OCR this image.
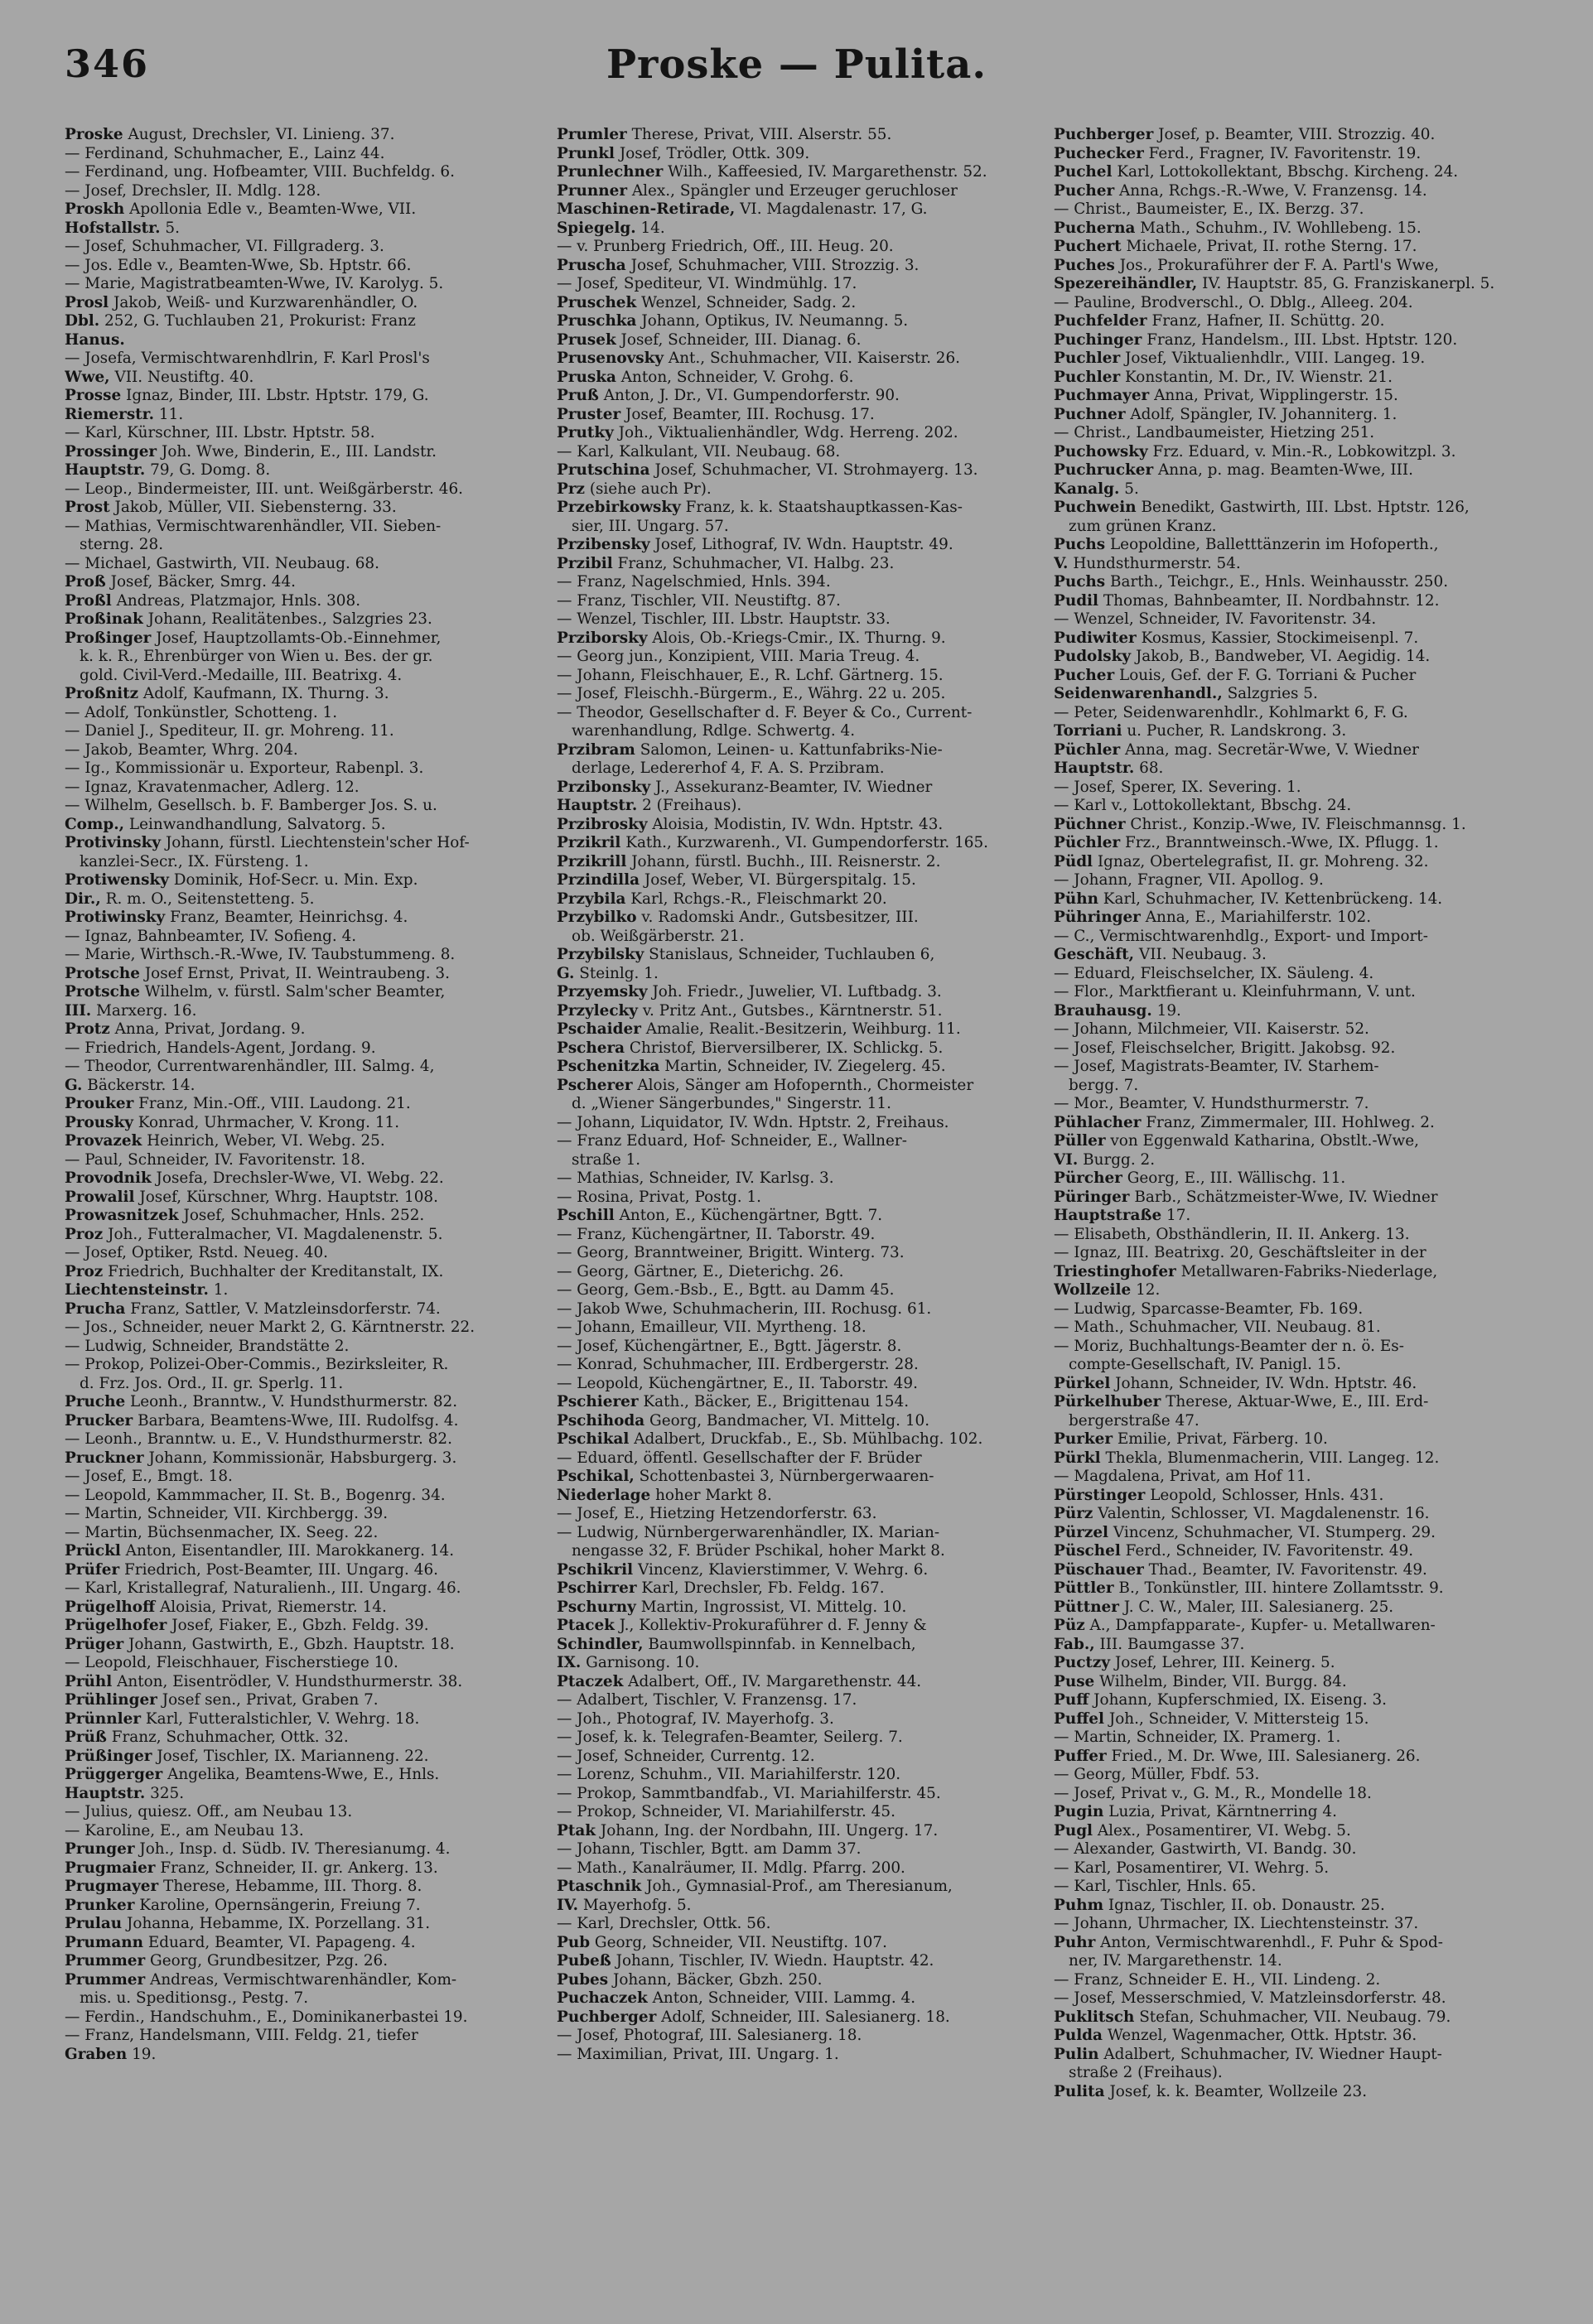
346	Proske — Pulita.
Proske August, Drechsler, VI. Linieng. 37.
— Ferdinand, Schuhmacher, E., Lainz 44.
— Ferdinand, ung. Hofbeamter, VIII. Buchfeldg. 6.
— Josef, Drechsler, II. Mdlg. 128.
Proskh Apollonia Edle v., Beamten-Wwe, VII.
Hofstallstr. 5.
— Josef, Schuhmacher, VI. Fillgraderg. 3.
— Jos. Edle v., Beamten-Wwe, Sb. Hptstr. 66.
— Marie, Magistratbeamten-Wwe, IV. Karolyg. 5.
Prosl Jakob, Weiß- und Kurzwarenhändler, O.
Dbl. 252, G. Tuchlauben 21, Prokurist: Franz
Hanus.
— Josefa, Vermischtwarenhdlrin, F. Karl Prosl's
Wwe, VII. Neustiftg. 40.
Prosse Ignaz, Binder, III. Lbstr. Hptstr. 179, G.
Riemerstr. 11.
— Karl, Kürschner, III. Lbstr. Hptstr. 58.
Prossinger Joh. Wwe, Binderin, E., III. Landstr.
Hauptstr. 79, G. Domg. 8.
— Leop., Bindermeister, III. unt. Weißgärberstr. 46.
Prost Jakob, Müller, VII. Siebensterng. 33.
— Mathias, Vermischtwarenhändler, VII. Sieben-
sterng. 28.
— Michael, Gastwirth, VII. Neubaug. 68.
Proß Josef, Bäcker, Smrg. 44.
Proßl Andreas, Platzmajor, Hnls. 308.
Proßinak Johann, Realitätenbes., Salzgries 23.
Proßinger Josef, Hauptzollamts-Ob.-Einnehmer,
k. k. R., Ehrenbürger von Wien u. Bes. der gr.
gold. Civil-Verd.-Medaille, III. Beatrixg. 4.
Proßnitz Adolf, Kaufmann, IX. Thurng. 3.
— Adolf, Tonkünstler, Schotteng. 1.
— Daniel J., Spediteur, II. gr. Mohreng. 11.
— Jakob, Beamter, Whrg. 204.
— Ig., Kommissionär u. Exporteur, Rabenpl. 3.
— Ignaz, Kravatenmacher, Adlerg. 12.
— Wilhelm, Gesellsch. b. F. Bamberger Jos. S. u.
Comp., Leinwandhandlung, Salvatorg. 5.
Protivinsky Johann, fürstl. Liechtenstein'scher Hof-
kanzlei-Secr., IX. Fürsteng. 1.
Protiwensky Dominik, Hof-Secr. u. Min. Exp.
Dir., R. m. O., Seitenstetteng. 5.
Protiwinsky Franz, Beamter, Heinrichsg. 4.
— Ignaz, Bahnbeamter, IV. Sofieng. 4.
— Marie, Wirthsch.-R.-Wwe, IV. Taubstummeng. 8.
Protsche Josef Ernst, Privat, II. Weintraubeng. 3.
Protsche Wilhelm, v. fürstl. Salm'scher Beamter,
III. Marxerg. 16.
Protz Anna, Privat, Jordang. 9.
— Friedrich, Handels-Agent, Jordang. 9.
— Theodor, Currentwarenhändler, III. Salmg. 4,
G. Bäckerstr. 14.
Prouker Franz, Min.-Off., VIII. Laudong. 21.
Prousky Konrad, Uhrmacher, V. Krong. 11.
Provazek Heinrich, Weber, VI. Webg. 25.
— Paul, Schneider, IV. Favoritenstr. 18.
Provodnik Josefa, Drechsler-Wwe, VI. Webg. 22.
Prowalil Josef, Kürschner, Whrg. Hauptstr. 108.
Prowasnitzek Josef, Schuhmacher, Hnls. 252.
Proz Joh., Futteralmacher, VI. Magdalenenstr. 5.
— Josef, Optiker, Rstd. Neueg. 40.
Proz Friedrich, Buchhalter der Kreditanstalt, IX.
Liechtensteinstr. 1.
Prucha Franz, Sattler, V. Matzleinsdorferstr. 74.
— Jos., Schneider, neuer Markt 2, G. Kärntnerstr. 22.
— Ludwig, Schneider, Brandstätte 2.
— Prokop, Polizei-Ober-Commis., Bezirksleiter, R.
d. Frz. Jos. Ord., II. gr. Sperlg. 11.
Pruche Leonh., Branntw., V. Hundsthurmerstr. 82.
Prucker Barbara, Beamtens-Wwe, III. Rudolfsg. 4.
— Leonh., Branntw. u. E., V. Hundsthurmerstr. 82.
Pruckner Johann, Kommissionär, Habsburgerg. 3.
— Josef, E., Bmgt. 18.
— Leopold, Kammmacher, II. St. B., Bogenrg. 34.
— Martin, Schneider, VII. Kirchbergg. 39.
— Martin, Büchsenmacher, IX. Seeg. 22.
Prückl Anton, Eisentandler, III. Marokkanerg. 14.
Prüfer Friedrich, Post-Beamter, III. Ungarg. 46.
— Karl, Kristallegraf, Naturalienh., III. Ungarg. 46.
Prügelhoff Aloisia, Privat, Riemerstr. 14.
Prügelhofer Josef, Fiaker, E., Gbzh. Feldg. 39.
Prüger Johann, Gastwirth, E., Gbzh. Hauptstr. 18.
— Leopold, Fleischhauer, Fischerstiege 10.
Prühl Anton, Eisentrödler, V. Hundsthurmerstr. 38.
Prühlinger Josef sen., Privat, Graben 7.
Prünnler Karl, Futteralstichler, V. Wehrg. 18.
Prüß Franz, Schuhmacher, Ottk. 32.
Prüßinger Josef, Tischler, IX. Marianneng. 22.
Prüggerger Angelika, Beamtens-Wwe, E., Hnls.
Hauptstr. 325.
— Julius, quiesz. Off., am Neubau 13.
— Karoline, E., am Neubau 13.
Prunger Joh., Insp. d. Südb. IV. Theresianumg. 4.
Prugmaier Franz, Schneider, II. gr. Ankerg. 13.
Prugmayer Therese, Hebamme, III. Thorg. 8.
Prunker Karoline, Opernsängerin, Freiung 7.
Prulau Johanna, Hebamme, IX. Porzellang. 31.
Prumann Eduard, Beamter, VI. Papageng. 4.
Prummer Georg, Grundbesitzer, Pzg. 26.
Prummer Andreas, Vermischtwarenhändler, Kom-
mis. u. Speditionsg., Pestg. 7.
— Ferdin., Handschuhm., E., Dominikanerbastei 19.
— Franz, Handelsmann, VIII. Feldg. 21, tiefer
Graben 19.
Prumler Therese, Privat, VIII. Alserstr. 55.
Prunkl Josef, Trödler, Ottk. 309.
Prunlechner Wilh., Kaffeesied, IV. Margarethenstr. 52.
Prunner Alex., Spängler und Erzeuger geruchloser
Maschinen-Retirade, VI. Magdalenastr. 17, G.
Spiegelg. 14.
— v. Prunberg Friedrich, Off., III. Heug. 20.
Pruscha Josef, Schuhmacher, VIII. Strozzig. 3.
— Josef, Spediteur, VI. Windmühlg. 17.
Pruschek Wenzel, Schneider, Sadg. 2.
Pruschka Johann, Optikus, IV. Neumanng. 5.
Prusek Josef, Schneider, III. Dianag. 6.
Prusenovsky Ant., Schuhmacher, VII. Kaiserstr. 26.
Pruska Anton, Schneider, V. Grohg. 6.
Pruß Anton, J. Dr., VI. Gumpendorferstr. 90.
Pruster Josef, Beamter, III. Rochusg. 17.
Prutky Joh., Viktualienhändler, Wdg. Herreng. 202.
— Karl, Kalkulant, VII. Neubaug. 68.
Prutschina Josef, Schuhmacher, VI. Strohmayerg. 13.
Prz (siehe auch Pr).
Przebirkowsky Franz, k. k. Staatshauptkassen-Kas-
sier, III. Ungarg. 57.
Przibensky Josef, Lithograf, IV. Wdn. Hauptstr. 49.
Przibil Franz, Schuhmacher, VI. Halbg. 23.
— Franz, Nagelschmied, Hnls. 394.
— Franz, Tischler, VII. Neustiftg. 87.
— Wenzel, Tischler, III. Lbstr. Hauptstr. 33.
Prziborsky Alois, Ob.-Kriegs-Cmir., IX. Thurng. 9.
— Georg jun., Konzipient, VIII. Maria Treug. 4.
— Johann, Fleischhauer, E., R. Lchf. Gärtnerg. 15.
— Josef, Fleischh.-Bürgerm., E., Währg. 22 u. 205.
— Theodor, Gesellschafter d. F. Beyer & Co., Current-
warenhandlung, Rdlge. Schwertg. 4.
Przibram Salomon, Leinen- u. Kattunfabriks-Nie-
derlage, Ledererhof 4, F. A. S. Przibram.
Przibonsky J., Assekuranz-Beamter, IV. Wiedner
Hauptstr. 2 (Freihaus).
Przibrosky Aloisia, Modistin, IV. Wdn. Hptstr. 43.
Przikril Kath., Kurzwarenh., VI. Gumpendorferstr. 165.
Przikrill Johann, fürstl. Buchh., III. Reisnerstr. 2.
Przindilla Josef, Weber, VI. Bürgerspitalg. 15.
Przybila Karl, Rchgs.-R., Fleischmarkt 20.
Przybilko v. Radomski Andr., Gutsbesitzer, III.
ob. Weißgärberstr. 21.
Przybilsky Stanislaus, Schneider, Tuchlauben 6,
G. Steinlg. 1.
Przyemsky Joh. Friedr., Juwelier, VI. Luftbadg. 3.
Przylecky v. Pritz Ant., Gutsbes., Kärntnerstr. 51.
Pschaider Amalie, Realit.-Besitzerin, Weihburg. 11.
Pschera Christof, Bierversilberer, IX. Schlickg. 5.
Pschenitzka Martin, Schneider, IV. Ziegelerg. 45.
Pscherer Alois, Sänger am Hofopernth., Chormeister
d. „Wiener Sängerbundes," Singerstr. 11.
— Johann, Liquidator, IV. Wdn. Hptstr. 2, Freihaus.
— Franz Eduard, Hof- Schneider, E., Wallner-
straße 1.
— Mathias, Schneider, IV. Karlsg. 3.
— Rosina, Privat, Postg. 1.
Pschill Anton, E., Küchengärtner, Bgtt. 7.
— Franz, Küchengärtner, II. Taborstr. 49.
— Georg, Branntweiner, Brigitt. Winterg. 73.
— Georg, Gärtner, E., Dieterichg. 26.
— Georg, Gem.-Bsb., E., Bgtt. au Damm 45.
— Jakob Wwe, Schuhmacherin, III. Rochusg. 61.
— Johann, Emailleur, VII. Myrtheng. 18.
— Josef, Küchengärtner, E., Bgtt. Jägerstr. 8.
— Konrad, Schuhmacher, III. Erdbergerstr. 28.
— Leopold, Küchengärtner, E., II. Taborstr. 49.
Pschierer Kath., Bäcker, E., Brigittenau 154.
Pschihoda Georg, Bandmacher, VI. Mittelg. 10.
Pschikal Adalbert, Druckfab., E., Sb. Mühlbachg. 102.
— Eduard, öffentl. Gesellschafter der F. Brüder
Pschikal, Schottenbastei 3, Nürnbergerwaaren-
Niederlage hoher Markt 8.
— Josef, E., Hietzing Hetzendorferstr. 63.
— Ludwig, Nürnbergerwarenhändler, IX. Marian-
nengasse 32, F. Brüder Pschikal, hoher Markt 8.
Pschikril Vincenz, Klavierstimmer, V. Wehrg. 6.
Pschirrer Karl, Drechsler, Fb. Feldg. 167.
Pschurny Martin, Ingrossist, VI. Mittelg. 10.
Ptacek J., Kollektiv-Prokuraführer d. F. Jenny &
Schindler, Baumwollspinnfab. in Kennelbach,
IX. Garnisong. 10.
Ptaczek Adalbert, Off., IV. Margarethenstr. 44.
— Adalbert, Tischler, V. Franzensg. 17.
— Joh., Photograf, IV. Mayerhofg. 3.
— Josef, k. k. Telegrafen-Beamter, Seilerg. 7.
— Josef, Schneider, Currentg. 12.
— Lorenz, Schuhm., VII. Mariahilferstr. 120.
— Prokop, Sammtbandfab., VI. Mariahilferstr. 45.
— Prokop, Schneider, VI. Mariahilferstr. 45.
Ptak Johann, Ing. der Nordbahn, III. Ungerg. 17.
— Johann, Tischler, Bgtt. am Damm 37.
— Math., Kanalräumer, II. Mdlg. Pfarrg. 200.
Ptaschnik Joh., Gymnasial-Prof., am Theresianum,
IV. Mayerhofg. 5.
— Karl, Drechsler, Ottk. 56.
Pub Georg, Schneider, VII. Neustiftg. 107.
Pubeß Johann, Tischler, IV. Wiedn. Hauptstr. 42.
Pubes Johann, Bäcker, Gbzh. 250.
Puchaczek Anton, Schneider, VIII. Lammg. 4.
Puchberger Adolf, Schneider, III. Salesianerg. 18.
— Josef, Photograf, III. Salesianerg. 18.
— Maximilian, Privat, III. Ungarg. 1.
Puchberger Josef, p. Beamter, VIII. Strozzig. 40.
Puchecker Ferd., Fragner, IV. Favoritenstr. 19.
Puchel Karl, Lottokollektant, Bbschg. Kircheng. 24.
Pucher Anna, Rchgs.-R.-Wwe, V. Franzensg. 14.
— Christ., Baumeister, E., IX. Berzg. 37.
Pucherna Math., Schuhm., IV. Wohllebeng. 15.
Puchert Michaele, Privat, II. rothe Sterng. 17.
Puches Jos., Prokuraführer der F. A. Partl's Wwe,
Spezereihändler, IV. Hauptstr. 85, G. Franziskanerpl. 5.
— Pauline, Brodverschl., O. Dblg., Alleeg. 204.
Puchfelder Franz, Hafner, II. Schüttg. 20.
Puchinger Franz, Handelsm., III. Lbst. Hptstr. 120.
Puchler Josef, Viktualienhdlr., VIII. Langeg. 19.
Puchler Konstantin, M. Dr., IV. Wienstr. 21.
Puchmayer Anna, Privat, Wipplingerstr. 15.
Puchner Adolf, Spängler, IV. Johanniterg. 1.
— Christ., Landbaumeister, Hietzing 251.
Puchowsky Frz. Eduard, v. Min.-R., Lobkowitzpl. 3.
Puchrucker Anna, p. mag. Beamten-Wwe, III.
Kanalg. 5.
Puchwein Benedikt, Gastwirth, III. Lbst. Hptstr. 126,
zum grünen Kranz.
Puchs Leopoldine, Balletttänzerin im Hofoperth.,
V. Hundsthurmerstr. 54.
Puchs Barth., Teichgr., E., Hnls. Weinhausstr. 250.
Pudil Thomas, Bahnbeamter, II. Nordbahnstr. 12.
— Wenzel, Schneider, IV. Favoritenstr. 34.
Pudiwiter Kosmus, Kassier, Stockimeisenpl. 7.
Pudolsky Jakob, B., Bandweber, VI. Aegidig. 14.
Pucher Louis, Gef. der F. G. Torriani & Pucher
Seidenwarenhandl., Salzgries 5.
— Peter, Seidenwarenhdlr., Kohlmarkt 6, F. G.
Torriani u. Pucher, R. Landskrong. 3.
Püchler Anna, mag. Secretär-Wwe, V. Wiedner
Hauptstr. 68.
— Josef, Sperer, IX. Severing. 1.
— Karl v., Lottokollektant, Bbschg. 24.
Püchner Christ., Konzip.-Wwe, IV. Fleischmannsg. 1.
Püchler Frz., Branntweinsch.-Wwe, IX. Pflugg. 1.
Püdl Ignaz, Obertelegrafist, II. gr. Mohreng. 32.
— Johann, Fragner, VII. Apollog. 9.
Pühn Karl, Schuhmacher, IV. Kettenbrückeng. 14.
Pühringer Anna, E., Mariahilferstr. 102.
— C., Vermischtwarenhdlg., Export- und Import-
Geschäft, VII. Neubaug. 3.
— Eduard, Fleischselcher, IX. Säuleng. 4.
— Flor., Marktfierant u. Kleinfuhrmann, V. unt.
Brauhausg. 19.
— Johann, Milchmeier, VII. Kaiserstr. 52.
— Josef, Fleischselcher, Brigitt. Jakobsg. 92.
— Josef, Magistrats-Beamter, IV. Starhem-
bergg. 7.
— Mor., Beamter, V. Hundsthurmerstr. 7.
Pühlacher Franz, Zimmermaler, III. Hohlweg. 2.
Püller von Eggenwald Katharina, Obstlt.-Wwe,
VI. Burgg. 2.
Pürcher Georg, E., III. Wällischg. 11.
Püringer Barb., Schätzmeister-Wwe, IV. Wiedner
Hauptstraße 17.
— Elisabeth, Obsthändlerin, II. II. Ankerg. 13.
— Ignaz, III. Beatrixg. 20, Geschäftsleiter in der
Triestinghofer Metallwaren-Fabriks-Niederlage,
Wollzeile 12.
— Ludwig, Sparcasse-Beamter, Fb. 169.
— Math., Schuhmacher, VII. Neubaug. 81.
— Moriz, Buchhaltungs-Beamter der n. ö. Es-
compte-Gesellschaft, IV. Panigl. 15.
Pürkel Johann, Schneider, IV. Wdn. Hptstr. 46.
Pürkelhuber Therese, Aktuar-Wwe, E., III. Erd-
bergerstraße 47.
Purker Emilie, Privat, Färberg. 10.
Pürkl Thekla, Blumenmacherin, VIII. Langeg. 12.
— Magdalena, Privat, am Hof 11.
Pürstinger Leopold, Schlosser, Hnls. 431.
Pürz Valentin, Schlosser, VI. Magdalenenstr. 16.
Pürzel Vincenz, Schuhmacher, VI. Stumperg. 29.
Püschel Ferd., Schneider, IV. Favoritenstr. 49.
Püschauer Thad., Beamter, IV. Favoritenstr. 49.
Püttler B., Tonkünstler, III. hintere Zollamtsstr. 9.
Püttner J. C. W., Maler, III. Salesianerg. 25.
Püz A., Dampfapparate-, Kupfer- u. Metallwaren-
Fab., III. Baumgasse 37.
Puctzy Josef, Lehrer, III. Keinerg. 5.
Puse Wilhelm, Binder, VII. Burgg. 84.
Puff Johann, Kupferschmied, IX. Eiseng. 3.
Puffel Joh., Schneider, V. Mittersteig 15.
— Martin, Schneider, IX. Pramerg. 1.
Puffer Fried., M. Dr. Wwe, III. Salesianerg. 26.
— Georg, Müller, Fbdf. 53.
— Josef, Privat v., G. M., R., Mondelle 18.
Pugin Luzia, Privat, Kärntnerring 4.
Pugl Alex., Posamentirer, VI. Webg. 5.
— Alexander, Gastwirth, VI. Bandg. 30.
— Karl, Posamentirer, VI. Wehrg. 5.
— Karl, Tischler, Hnls. 65.
Puhm Ignaz, Tischler, II. ob. Donaustr. 25.
— Johann, Uhrmacher, IX. Liechtensteinstr. 37.
Puhr Anton, Vermischtwarenhdl., F. Puhr & Spod-
ner, IV. Margarethenstr. 14.
— Franz, Schneider E. H., VII. Lindeng. 2.
— Josef, Messerschmied, V. Matzleinsdorferstr. 48.
Puklitsch Stefan, Schuhmacher, VII. Neubaug. 79.
Pulda Wenzel, Wagenmacher, Ottk. Hptstr. 36.
Pulin Adalbert, Schuhmacher, IV. Wiedner Haupt-
straße 2 (Freihaus).
Pulita Josef, k. k. Beamter, Wollzeile 23.
